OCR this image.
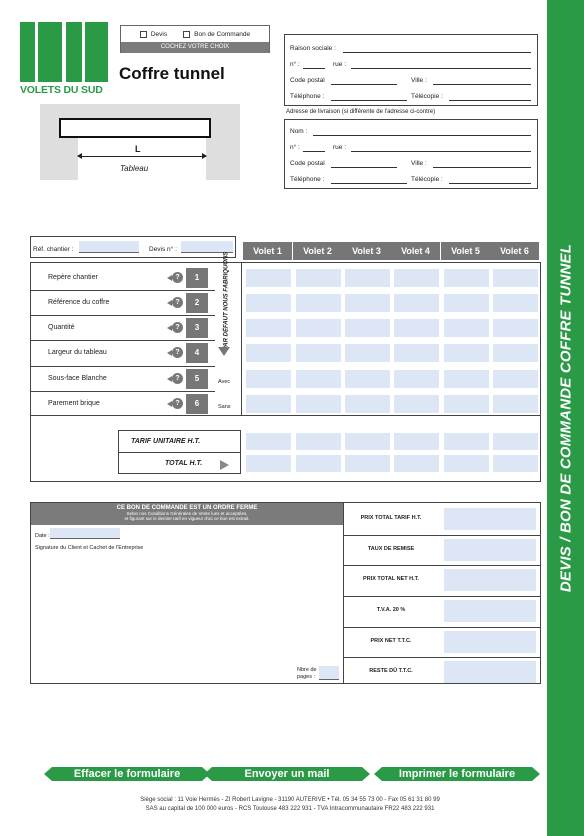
DEVIS / BON DE COMMANDE COFFRE TUNNEL
VOLETS DU SUD
Devis	Bon de Commande
COCHEZ VOTRE CHOIX
Coffre tunnel
L
Tableau
Raison sociale :
n° :	rue :
Code postal	Ville :
Téléphone :	Télécopie :
Adresse de livraison (si différente de l'adresse ci-contre)
Nom :
n° :	rue :
Code postal	Ville :
Téléphone :	Télécopie :
Réf. chantier :	Devis n° :	Volet 1	Volet 2	Volet 3	Volet 4	Volet 5	Volet 6
Repère chantier	?	1
Référence du coffre	?	2
Quantité	?	3
Largeur du tableau	?	4
Sous-face Blanche	?	5	Avec
Parement brique	?	6	Sans
PAR DÉFAUT NOUS FABRIQUONS
TARIF UNITAIRE H.T.
TOTAL H.T.
CE BON DE COMMANDE EST UN ORDRE FERME
Selon nos Conditions Générales de Vente lues et acceptées,
et figurant sur le dernier tarif en vigueur d'où ce bon est extrait.
Date :
Signature du Client et Cachet de l'Entreprise
Nbre de
pages :
PRIX TOTAL TARIF H.T.
TAUX DE REMISE
PRIX TOTAL NET H.T.
T.V.A. 20 %
PRIX NET T.T.C.
RESTE DÛ T.T.C.
Effacer le formulaire	Envoyer un mail	Imprimer le formulaire
Siège social : 11 Voie Hermès - ZI Robert Lavigne - 31190 AUTERIVE • Tél. 05 34 55 73 00 - Fax 05 61 31 80 99
SAS au capital de 100 000 euros - RCS Toulouse 483 222 931 - TVA Intracommunautaire FR22 483 222 931
